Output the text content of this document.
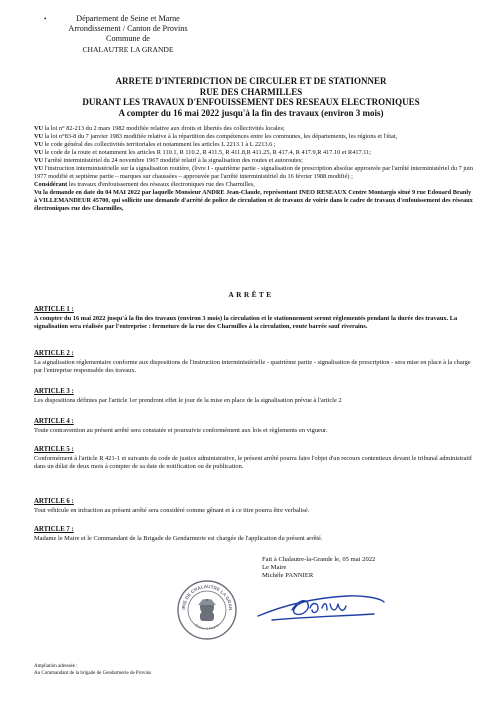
•	Département de Seine et Marne
Arrondissement / Canton de Provins
Commune de
CHALAUTRE LA GRANDE
ARRETE D'INTERDICTION DE CIRCULER ET DE STATIONNER
RUE DES CHARMILLES
DURANT LES TRAVAUX D'ENFOUISSEMENT DES RESEAUX ELECTRONIQUES
A compter du 16 mai 2022 jusqu'à la fin des travaux (environ 3 mois)

VU la loi n° 82-213 du 2 mars 1982 modifiée relative aux droits et libertés des collectivités locales;

VU la loi n°83-8 du 7 janvier 1983 modifiée relative à la répartition des compétences entre les communes, les départements, les régions et l'état,

VU le code général des collectivités territoriales et notamment les articles L 2213.1 à L 2213.6 ;

VU le code de la route et notamment les articles R 110.1, R 110.2, R 411.5, R 411.8,R 411.25, R 417.4, R 417.9,R 417.10 et R417.11;

VU l'arrêté interministériel du 24 novembre 1967 modifié relatif à la signalisation des routes et autoroutes;

VU l'instruction interministérielle sur la signalisation routière, (livre I - quatrième partie - signalisation de prescription absolue approuvée par l'arrêté interministériel du 7 juin 1977 modifié et septième partie – marques sur chaussées – approuvée par l'arrêté interministériel du 16 février 1988 modifié) ;

Considérant les travaux d'enfouissement des réseaux électroniques rue des Charmilles,

Vu la demande en date du 04 MAI 2022 par laquelle Monsieur ANDRE Jean-Claude, représentant INEO RESEAUX Centre Montargis situé 9 rue Edouard Branly à VILLEMANDEUR 45700, qui sollicite une demande d'arrêté de police de circulation et de travaux de voirie dans le cadre de travaux d'enfouissement des réseaux électroniques rue des Charmilles,

ARRÊTE
ARTICLE 1 :

A compter du 16 mai 2022 jusqu'à la fin des travaux (environ 3 mois) la circulation et le stationnement seront réglementés pendant la durée des travaux. La signalisation sera réalisée par l'entreprise : fermeture de la rue des Charmilles à la circulation, route barrée sauf riverains.

ARTICLE 2 :

La signalisation réglementaire conforme aux dispositions de l'instruction interministérielle - quatrième partie - signalisation de prescription - sera mise en place à la charge par l'entreprise responsable des travaux.

ARTICLE 3 :

Les dispositions définies par l'article 1er prendront effet le jour de la mise en place de la signalisation prévue à l'article 2

ARTICLE 4 :

Toute contravention au présent arrêté sera constatée et poursuivie conformément aux lois et règlements en vigueur.

ARTICLE 5 :

Conformément à l'article R 421-1 et suivants du code de justice administrative, le présent arrêté pourra faire l'objet d'un recours contentieux devant le tribunal administratif dans un délai de deux mois à compter de sa date de notification ou de publication.

ARTICLE 6 :

Tout véhicule en infraction au présent arrêté sera considéré comme gênant et à ce titre pourra être verbalisé.

ARTICLE 7 :

Madame le Maire et le Commandant de la Brigade de Gendarmerie est chargée de l'application du présent arrêté.

Fait à Chalautre-la-Grande le, 05 mai 2022
Le Maire
Michèle PANNIER
IRIE DE CHALAUTRE LA GRAN
Seine-et-Marne
Ampliation adressée :
Au Commandant de la brigade de Gendarmerie de Provins
